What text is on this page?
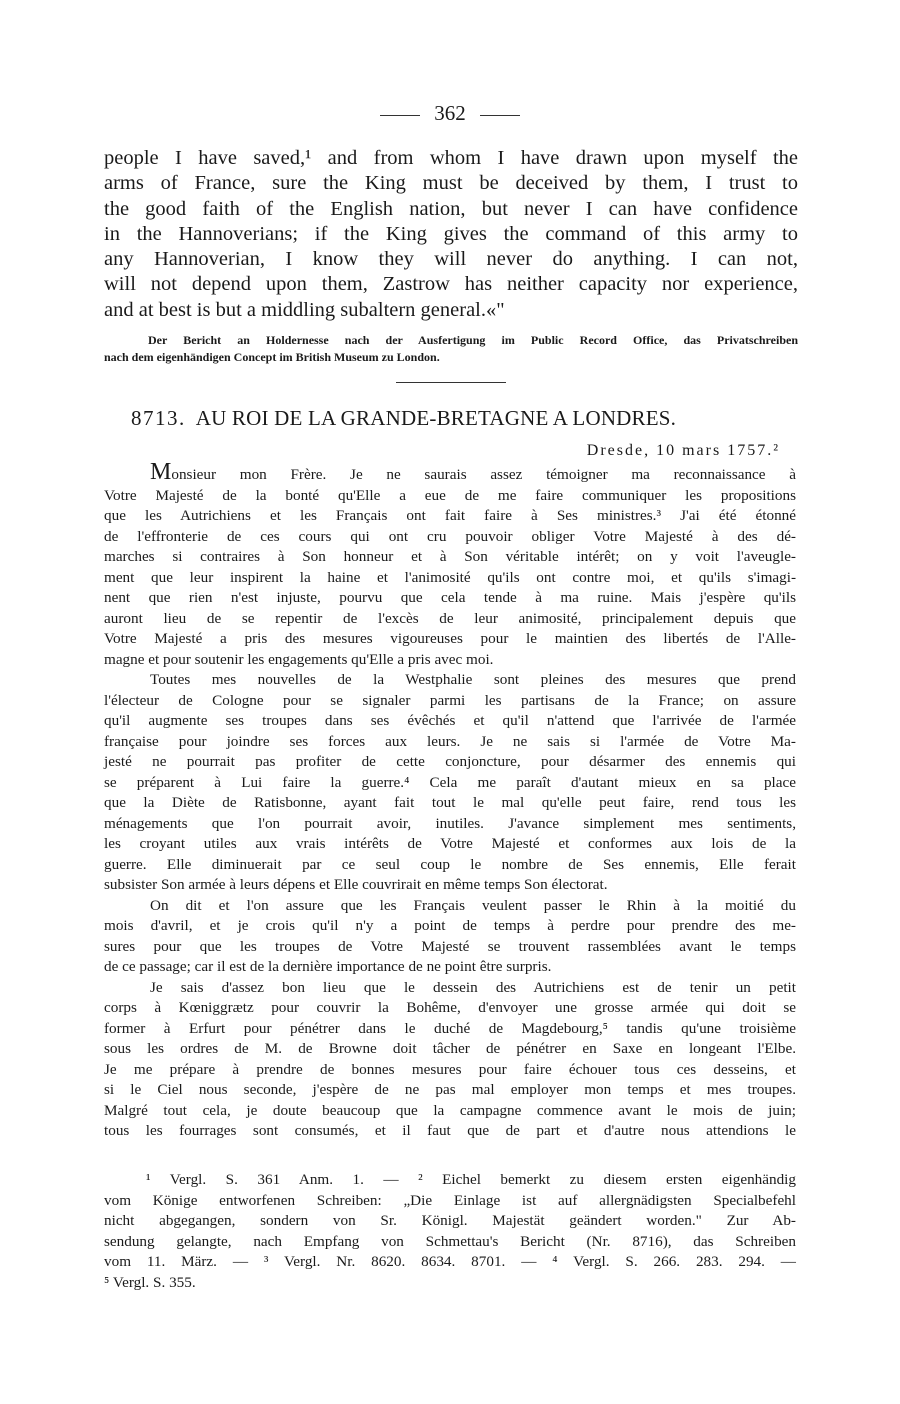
362
people I have saved,¹ and from whom I have drawn upon myself the
arms of France, sure the King must be deceived by them, I trust to
the good faith of the English nation, but never I can have confidence
in the Hannoverians; if the King gives the command of this army to
any Hannoverian, I know they will never do anything. I can not,
will not depend upon them, Zastrow has neither capacity nor experience,
and at best is but a middling subaltern general.«"
Der Bericht an Holdernesse nach der Ausfertigung im Public Record Office, das Privatschreiben
nach dem eigenhändigen Concept im British Museum zu London.
8713. AU ROI DE LA GRANDE-BRETAGNE A LONDRES.
Dresde, 10 mars 1757.²
Monsieur mon Frère. Je ne saurais assez témoigner ma reconnaissance à
Votre Majesté de la bonté qu'Elle a eue de me faire communiquer les propositions
que les Autrichiens et les Français ont fait faire à Ses ministres.³ J'ai été étonné
de l'effronterie de ces cours qui ont cru pouvoir obliger Votre Majesté à des dé-
marches si contraires à Son honneur et à Son véritable intérêt; on y voit l'aveugle-
ment que leur inspirent la haine et l'animosité qu'ils ont contre moi, et qu'ils s'imagi-
nent que rien n'est injuste, pourvu que cela tende à ma ruine. Mais j'espère qu'ils
auront lieu de se repentir de l'excès de leur animosité, principalement depuis que
Votre Majesté a pris des mesures vigoureuses pour le maintien des libertés de l'Alle-
magne et pour soutenir les engagements qu'Elle a pris avec moi.
Toutes mes nouvelles de la Westphalie sont pleines des mesures que prend
l'électeur de Cologne pour se signaler parmi les partisans de la France; on assure
qu'il augmente ses troupes dans ses évêchés et qu'il n'attend que l'arrivée de l'armée
française pour joindre ses forces aux leurs. Je ne sais si l'armée de Votre Ma-
jesté ne pourrait pas profiter de cette conjoncture, pour désarmer des ennemis qui
se préparent à Lui faire la guerre.⁴ Cela me paraît d'autant mieux en sa place
que la Diète de Ratisbonne, ayant fait tout le mal qu'elle peut faire, rend tous les
ménagements que l'on pourrait avoir, inutiles. J'avance simplement mes sentiments,
les croyant utiles aux vrais intérêts de Votre Majesté et conformes aux lois de la
guerre. Elle diminuerait par ce seul coup le nombre de Ses ennemis, Elle ferait
subsister Son armée à leurs dépens et Elle couvrirait en même temps Son électorat.
On dit et l'on assure que les Français veulent passer le Rhin à la moitié du
mois d'avril, et je crois qu'il n'y a point de temps à perdre pour prendre des me-
sures pour que les troupes de Votre Majesté se trouvent rassemblées avant le temps
de ce passage; car il est de la dernière importance de ne point être surpris.
Je sais d'assez bon lieu que le dessein des Autrichiens est de tenir un petit
corps à Kœniggrætz pour couvrir la Bohême, d'envoyer une grosse armée qui doit se
former à Erfurt pour pénétrer dans le duché de Magdebourg,⁵ tandis qu'une troisième
sous les ordres de M. de Browne doit tâcher de pénétrer en Saxe en longeant l'Elbe.
Je me prépare à prendre de bonnes mesures pour faire échouer tous ces desseins, et
si le Ciel nous seconde, j'espère de ne pas mal employer mon temps et mes troupes.
Malgré tout cela, je doute beaucoup que la campagne commence avant le mois de juin;
tous les fourrages sont consumés, et il faut que de part et d'autre nous attendions le
¹ Vergl. S. 361 Anm. 1. — ² Eichel bemerkt zu diesem ersten eigenhändig
vom Könige entworfenen Schreiben: „Die Einlage ist auf allergnädigsten Specialbefehl
nicht abgegangen, sondern von Sr. Königl. Majestät geändert worden." Zur Ab-
sendung gelangte, nach Empfang von Schmettau's Bericht (Nr. 8716), das Schreiben
vom 11. März. — ³ Vergl. Nr. 8620. 8634. 8701. — ⁴ Vergl. S. 266. 283. 294. —
⁵ Vergl. S. 355.
